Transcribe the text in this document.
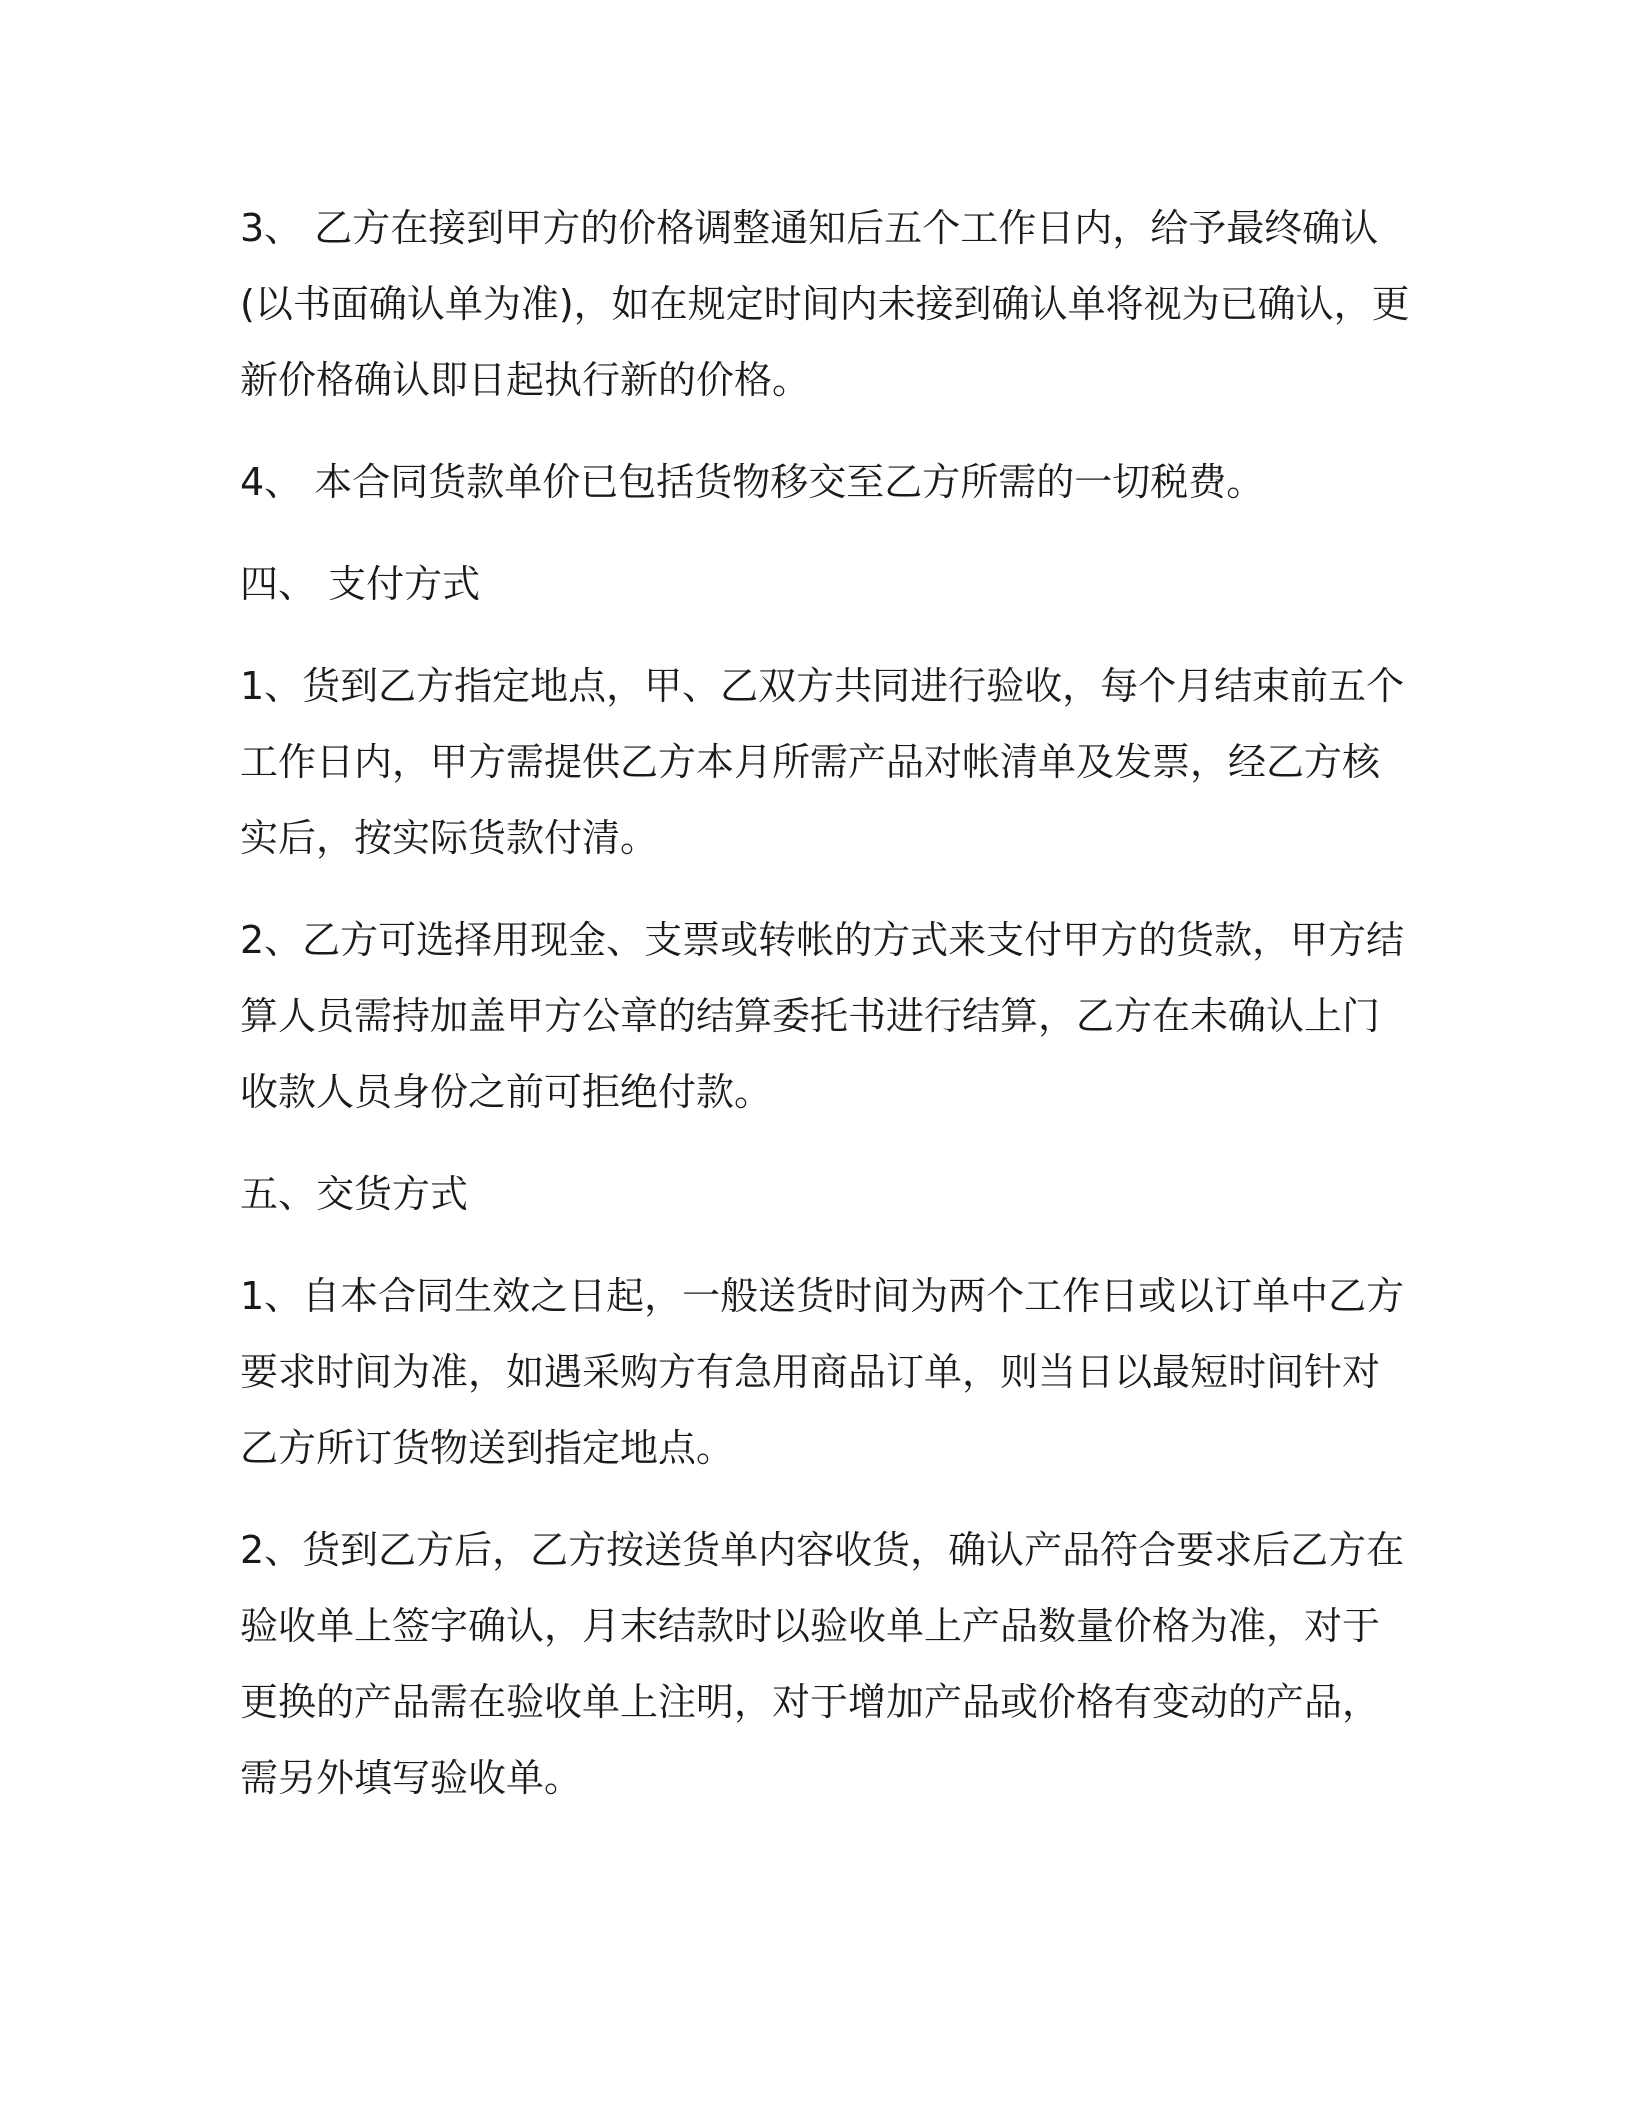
3、 乙方在接到甲方的价格调整通知后五个工作日内，给予最终确认
(以书面确认单为准)，如在规定时间内未接到确认单将视为已确认，更
新价格确认即日起执行新的价格。
4、 本合同货款单价已包括货物移交至乙方所需的一切税费。
四、 支付方式
1、货到乙方指定地点，甲、乙双方共同进行验收，每个月结束前五个
工作日内，甲方需提供乙方本月所需产品对帐清单及发票，经乙方核
实后，按实际货款付清。
2、乙方可选择用现金、支票或转帐的方式来支付甲方的货款，甲方结
算人员需持加盖甲方公章的结算委托书进行结算，乙方在未确认上门
收款人员身份之前可拒绝付款。
五、交货方式
1、自本合同生效之日起，一般送货时间为两个工作日或以订单中乙方
要求时间为准，如遇采购方有急用商品订单，则当日以最短时间针对
乙方所订货物送到指定地点。
2、货到乙方后，乙方按送货单内容收货，确认产品符合要求后乙方在
验收单上签字确认，月末结款时以验收单上产品数量价格为准，对于
更换的产品需在验收单上注明，对于增加产品或价格有变动的产品，
需另外填写验收单。
